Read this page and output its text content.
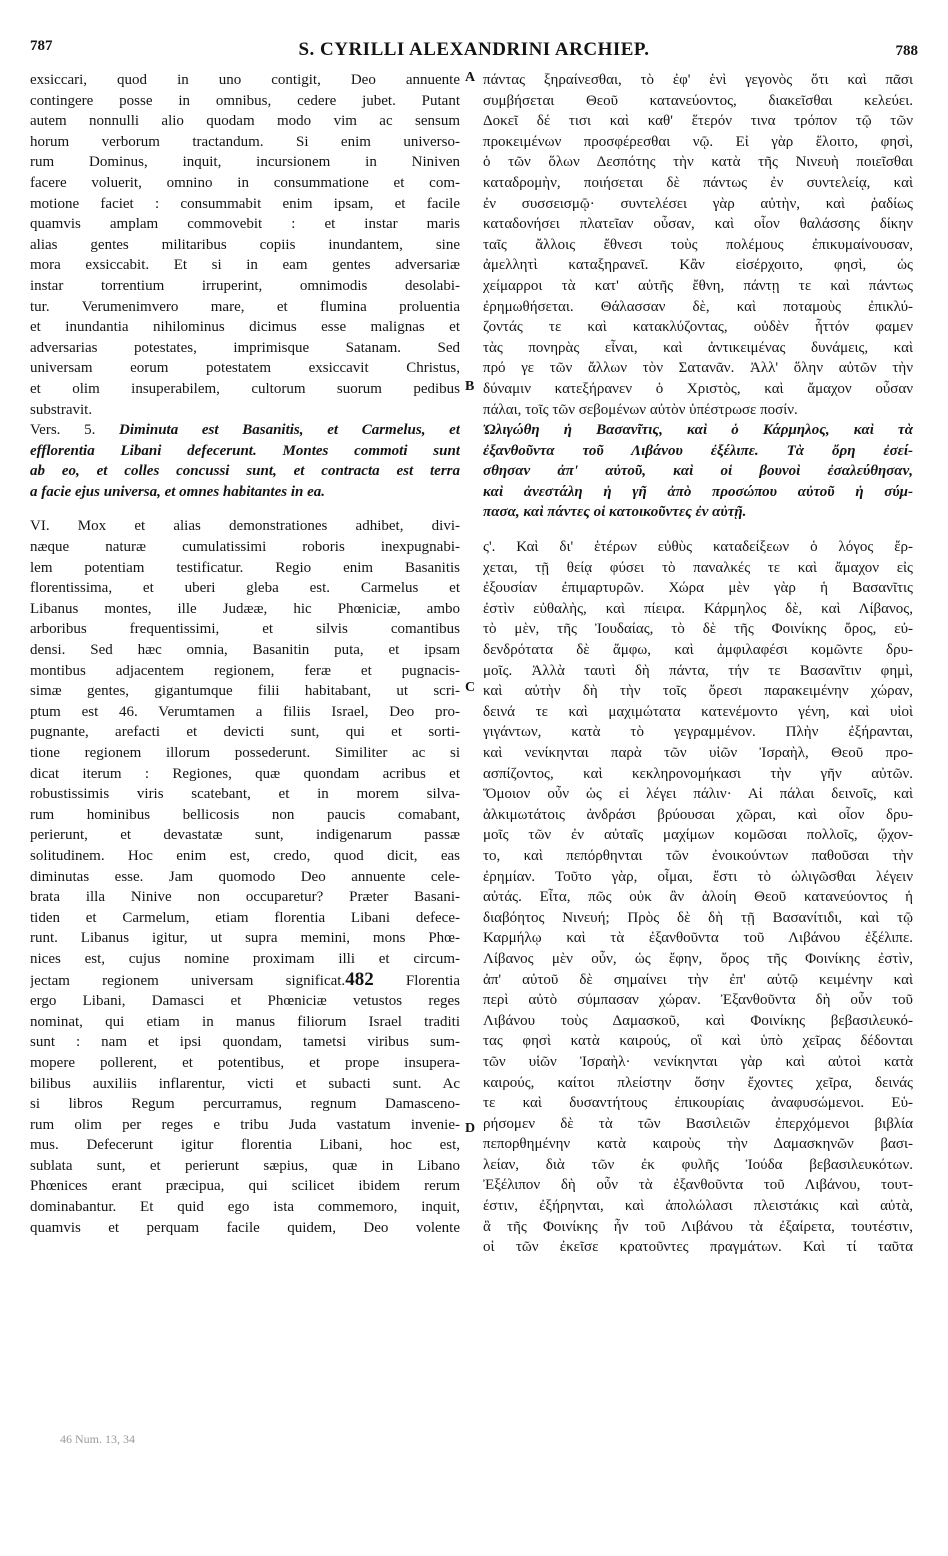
787	S. CYRILLI ALEXANDRINI ARCHIEP.	788
exsiccari, quod in uno contigit, Deo annuente
contingere posse in omnibus, cedere jubet. Putant
autem nonnulli alio quodam modo vim ac sensum
horum verborum tractandum. Si enim universo-
rum Dominus, inquit, incursionem in Niniven
facere voluerit, omnino in consummatione et com-
motione faciet : consummabit enim ipsam, et facile
quamvis amplam commovebit : et instar maris
alias gentes militaribus copiis inundantem, sine
mora exsiccabit. Et si in eam gentes adversariæ
instar torrentium irruperint, omnimodis desolabi-
tur. Verumenimvero mare, et flumina proluentia
et inundantia nihilominus dicimus esse malignas et
adversarias potestates, imprimisque Satanam. Sed
universam eorum potestatem exsiccavit Christus,
et olim insuperabilem, cultorum suorum pedibus
substravit.
Vers. 5. Diminuta est Basanitis, et Carmelus, et
efflorentia Libani defecerunt. Montes commoti sunt
ab eo, et colles concussi sunt, et contracta est terra
a facie ejus universa, et omnes habitantes in ea.
VI. Mox et alias demonstrationes adhibet, divi-
næque naturæ cumulatissimi roboris inexpugnabi-
lem potentiam testificatur. Regio enim Basanitis
florentissima, et uberi gleba est. Carmelus et
Libanus montes, ille Judææ, hic Phœniciæ, ambo
arboribus frequentissimi, et silvis comantibus
densi. Sed hæc omnia, Basanitin puta, et ipsam
montibus adjacentem regionem, feræ et pugnacis-
simæ gentes, gigantumque filii habitabant, ut scri-
ptum est 46. Verumtamen a filiis Israel, Deo pro-
pugnante, arefacti et devicti sunt, qui et sorti-
tione regionem illorum possederunt. Similiter ac si
dicat iterum : Regiones, quæ quondam acribus et
robustissimis viris scatebant, et in morem silva-
rum hominibus bellicosis non paucis comabant,
perierunt, et devastatæ sunt, indigenarum passæ
solitudinem. Hoc enim est, credo, quod dicit, eas
diminutas esse. Jam quomodo Deo annuente cele-
brata illa Ninive non occuparetur? Præter Basani-
tiden et Carmelum, etiam florentia Libani defece-
runt. Libanus igitur, ut supra memini, mons Phœ-
nices est, cujus nomine proximam illi et circum-
jectam regionem universam significat.482 Florentia
ergo Libani, Damasci et Phœniciæ vetustos reges
nominat, qui etiam in manus filiorum Israel traditi
sunt : nam et ipsi quondam, tametsi viribus sum-
mopere pollerent, et potentibus, et prope insupera-
bilibus auxiliis inflarentur, victi et subacti sunt. Ac
si libros Regum percurramus, regnum Damasceno-
rum olim per reges e tribu Juda vastatum invenie-
mus. Defecerunt igitur florentia Libani, hoc est,
sublata sunt, et perierunt sæpius, quæ in Libano
Phœnices erant præcipua, qui scilicet ibidem rerum
dominabantur. Et quid ego ista commemoro, inquit,
quamvis et perquam facile quidem, Deo volente
A
B
C
D
πάντας ξηραίνεσθαι, τὸ ἐφ' ἑνὶ γεγονὸς ὅτι καὶ πᾶσι
συμβήσεται Θεοῦ κατανεύοντος, διακεῖσθαι κελεύει.
Δοκεῖ δέ τισι καὶ καθ' ἕτερόν τινα τρόπον τῷ τῶν
προκειμένων προσφέρεσθαι νῷ. Εἰ γὰρ ἕλοιτο, φησὶ,
ὁ τῶν ὅλων Δεσπότης τὴν κατὰ τῆς Νινευὴ ποιεῖσθαι
καταδρομὴν, ποιήσεται δὲ πάντως ἐν συντελείᾳ, καὶ
ἐν συσσεισμῷ· συντελέσει γὰρ αὐτὴν, καὶ ῥαδίως
καταδονήσει πλατεῖαν οὖσαν, καὶ οἷον θαλάσσης δίκην
ταῖς ἄλλοις ἔθνεσι τοὺς πολέμους ἐπικυμαίνουσαν,
ἀμελλητὶ καταξηρανεῖ. Κἂν εἰσέρχοιτο, φησὶ, ὡς
χείμαρροι τὰ κατ' αὐτῆς ἔθνη, πάντῃ τε καὶ πάντως
ἐρημωθήσεται. Θάλασσαν δὲ, καὶ ποταμοὺς ἐπικλύ-
ζοντάς τε καὶ κατακλύζοντας, οὐδὲν ἧττόν φαμεν
τὰς πονηρὰς εἶναι, καὶ ἀντικειμένας δυνάμεις, καὶ
πρό γε τῶν ἄλλων τὸν Σατανᾶν. Ἀλλ' ὅλην αὐτῶν τὴν
δύναμιν κατεξήρανεν ὁ Χριστὸς, καὶ ἄμαχον οὖσαν
πάλαι, τοῖς τῶν σεβομένων αὐτὸν ὑπέστρωσε ποσίν.
Ὠλιγώθη ἡ Βασανῖτις, καὶ ὁ Κάρμηλος, καὶ τὰ
ἐξανθοῦντα τοῦ Λιβάνου ἐξέλιπε. Τὰ ὄρη ἐσεί-
σθησαν ἀπ' αὐτοῦ, καὶ οἱ βουνοὶ ἐσαλεύθησαν,
καὶ ἀνεστάλη ἡ γῆ ἀπὸ προσώπου αὐτοῦ ἡ σύμ-
πασα, καὶ πάντες οἱ κατοικοῦντες ἐν αὐτῇ.
ς'. Καὶ δι' ἑτέρων εὐθὺς καταδείξεων ὁ λόγος ἔρ-
χεται, τῇ θείᾳ φύσει τὸ παναλκές τε καὶ ἄμαχον εἰς
ἐξουσίαν ἐπιμαρτυρῶν. Χώρα μὲν γὰρ ἡ Βασανῖτις
ἐστὶν εὐθαλὴς, καὶ πίειρα. Κάρμηλος δὲ, καὶ Λίβανος,
τὸ μὲν, τῆς Ἰουδαίας, τὸ δὲ τῆς Φοινίκης ὄρος, εὐ-
δενδρότατα δὲ ἄμφω, καὶ ἀμφιλαφέσι κομῶντε δρυ-
μοῖς. Ἀλλὰ ταυτὶ δὴ πάντα, τήν τε Βασανῖτιν φημὶ,
καὶ αὐτὴν δὴ τὴν τοῖς ὄρεσι παρακειμένην χώραν,
δεινά τε καὶ μαχιμώτατα κατενέμοντο γένη, καὶ υἱοὶ
γιγάντων, κατὰ τὸ γεγραμμένον. Πλὴν ἐξήρανται,
καὶ νενίκηνται παρὰ τῶν υἱῶν Ἰσραὴλ, Θεοῦ προ-
ασπίζοντος, καὶ κεκληρονομήκασι τὴν γῆν αὐτῶν.
Ὅμοιον οὖν ὡς εἰ λέγει πάλιν· Αἱ πάλαι δεινοῖς, καὶ
ἀλκιμωτάτοις ἀνδράσι βρύουσαι χῶραι, καὶ οἷον δρυ-
μοῖς τῶν ἐν αὐταῖς μαχίμων κομῶσαι πολλοῖς, ᾤχον-
το, καὶ πεπόρθηνται τῶν ἐνοικούντων παθοῦσαι τὴν
ἐρημίαν. Τοῦτο γὰρ, οἶμαι, ἔστι τὸ ὠλιγῶσθαι λέγειν
αὐτάς. Εἶτα, πῶς οὐκ ἂν ἁλοίη Θεοῦ κατανεύοντος ἡ
διαβόητος Νινευή; Πρὸς δὲ δὴ τῇ Βασανίτιδι, καὶ τῷ
Καρμήλῳ καὶ τὰ ἐξανθοῦντα τοῦ Λιβάνου ἐξέλιπε.
Λίβανος μὲν οὖν, ὡς ἔφην, ὄρος τῆς Φοινίκης ἐστὶν,
ἀπ' αὐτοῦ δὲ σημαίνει τὴν ἐπ' αὐτῷ κειμένην καὶ
περὶ αὐτὸ σύμπασαν χώραν. Ἐξανθοῦντα δὴ οὖν τοῦ
Λιβάνου τοὺς Δαμασκοῦ, καὶ Φοινίκης βεβασιλευκό-
τας φησὶ κατὰ καιρούς, οἳ καὶ ὑπὸ χεῖρας δέδονται
τῶν υἱῶν Ἰσραὴλ· νενίκηνται γὰρ καὶ αὐτοὶ κατὰ
καιρούς, καίτοι πλείστην ὅσην ἔχοντες χεῖρα, δεινάς
τε καὶ δυσαντήτους ἐπικουρίαις ἀναφυσώμενοι. Εὑ-
ρήσομεν δὲ τὰ τῶν Βασιλειῶν ἐπερχόμενοι βιβλία
πεπορθημένην κατὰ καιροὺς τὴν Δαμασκηνῶν βασι-
λείαν, διὰ τῶν ἐκ φυλῆς Ἰούδα βεβασιλευκότων.
Ἐξέλιπον δὴ οὖν τὰ ἐξανθοῦντα τοῦ Λιβάνου, τουτ-
έστιν, ἐξήρηνται, καὶ ἀπολώλασι πλειστάκις καὶ αὐτὰ,
ἃ τῆς Φοινίκης ἦν τοῦ Λιβάνου τὰ ἐξαίρετα, τουτέστιν,
οἱ τῶν ἐκεῖσε κρατοῦντες πραγμάτων. Καὶ τί ταῦτα
46 Num. 13, 34
